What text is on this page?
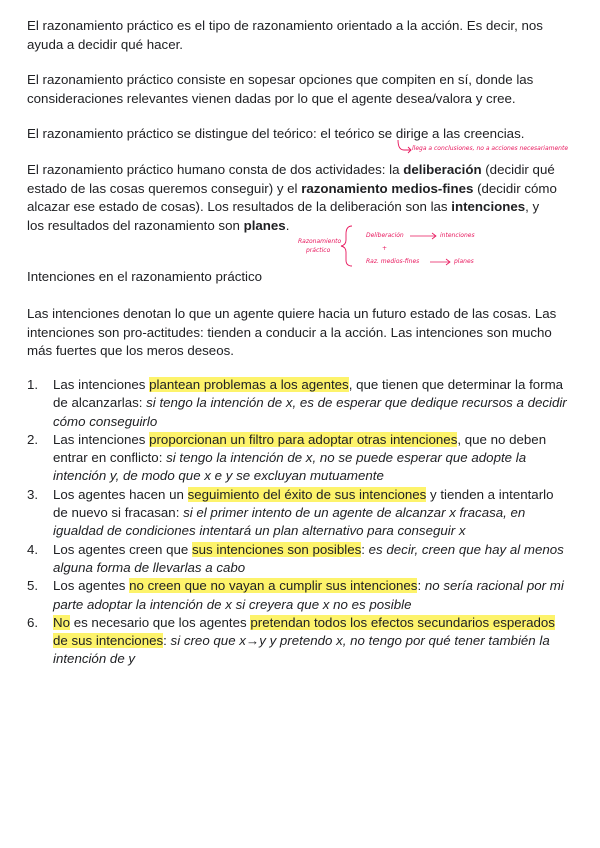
El razonamiento práctico es el tipo de razonamiento orientado a la acción. Es decir, nos ayuda a decidir qué hacer.

El razonamiento práctico consiste en sopesar opciones que compiten en sí, donde las consideraciones relevantes vienen dadas por lo que el agente desea/valora y cree.

El razonamiento práctico se distingue del teórico: el teórico se dirige a las creencias.

El razonamiento práctico humano consta de dos actividades: la deliberación (decidir qué estado de las cosas queremos conseguir) y el razonamiento medios-fines (decidir cómo alcazar ese estado de cosas). Los resultados de la deliberación son las intenciones, y los resultados del razonamiento son planes.

Intenciones en el razonamiento práctico

Las intenciones denotan lo que un agente quiere hacia un futuro estado de las cosas. Las intenciones son pro-actitudes: tienden a conducir a la acción. Las intenciones son mucho más fuertes que los meros deseos.

1.	Las intenciones plantean problemas a los agentes, que tienen que determinar la forma de alcanzarlas: si tengo la intención de x, es de esperar que dedique recursos a decidir cómo conseguirlo
2.	Las intenciones proporcionan un filtro para adoptar otras intenciones, que no deben entrar en conflicto: si tengo la intención de x, no se puede esperar que adopte la intención y, de modo que x e y se excluyan mutuamente
3.	Los agentes hacen un seguimiento del éxito de sus intenciones y tienden a intentarlo de nuevo si fracasan: si el primer intento de un agente de alcanzar x fracasa, en igualdad de condiciones intentará un plan alternativo para conseguir x
4.	Los agentes creen que sus intenciones son posibles: es decir, creen que hay al menos alguna forma de llevarlas a cabo
5.	Los agentes no creen que no vayan a cumplir sus intenciones: no sería racional por mi parte adoptar la intención de x si creyera que x no es posible
6.	No es necesario que los agentes pretendan todos los efectos secundarios esperados de sus intenciones: si creo que x→y y pretendo x, no tengo por qué tener también la intención de y
llega a conclusiones, no a acciones necesariamente
Razonamiento
práctico
Deliberación	intenciones
+
Raz. medios-fines	planes
